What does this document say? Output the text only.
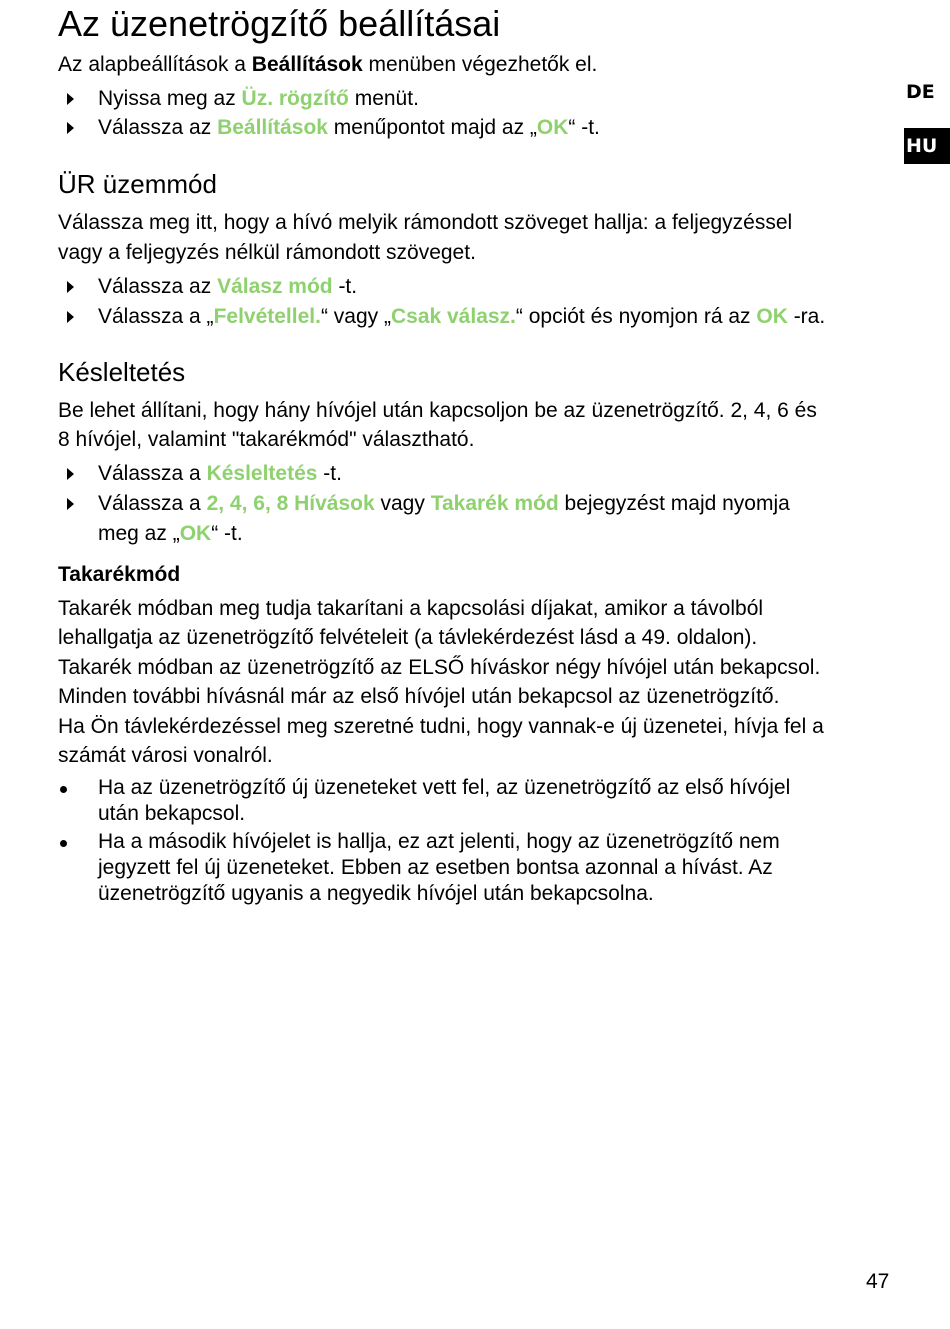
Az üzenetrögzítő beállításai
Az alapbeállítások a Beállítások menüben végezhetők el.
Nyissa meg az Üz. rögzítő menüt.
Válassza az Beállítások menűpontot majd az „OK“ -t.
ÜR üzemmód
Válassza meg itt, hogy a hívó melyik rámondott szöveget hallja: a feljegyzéssel
vagy a feljegyzés nélkül rámondott szöveget.
Válassza az Válasz mód -t.
Válassza a „Felvétellel.“ vagy „Csak válasz.“ opciót és nyomjon rá az OK -ra.
Késleltetés
Be lehet állítani, hogy hány hívójel után kapcsoljon be az üzenetrögzítő. 2, 4, 6 és
8 hívójel, valamint "takarékmód" választható.
Válassza a Késleltetés -t.
Válassza a 2, 4, 6, 8 Hívások vagy Takarék mód bejegyzést majd nyomja
meg az „OK“ -t.
Takarékmód
Takarék módban meg tudja takarítani a kapcsolási díjakat, amikor a távolból
lehallgatja az üzenetrögzítő felvételeit (a távlekérdezést lásd a 49. oldalon).
Takarék módban az üzenetrögzítő az ELSŐ híváskor négy hívójel után bekapcsol.
Minden további hívásnál már az első hívójel után bekapcsol az üzenetrögzítő.
Ha Ön távlekérdezéssel meg szeretné tudni, hogy vannak-e új üzenetei, hívja fel a
számát városi vonalról.
Ha az üzenetrögzítő új üzeneteket vett fel, az üzenetrögzítő az első hívójel
után bekapcsol.
Ha a második hívójelet is hallja, ez azt jelenti, hogy az üzenetrögzítő nem
jegyzett fel új üzeneteket. Ebben az esetben bontsa azonnal a hívást. Az
üzenetrögzítő ugyanis a negyedik hívójel után bekapcsolna.
DE
HU
47
